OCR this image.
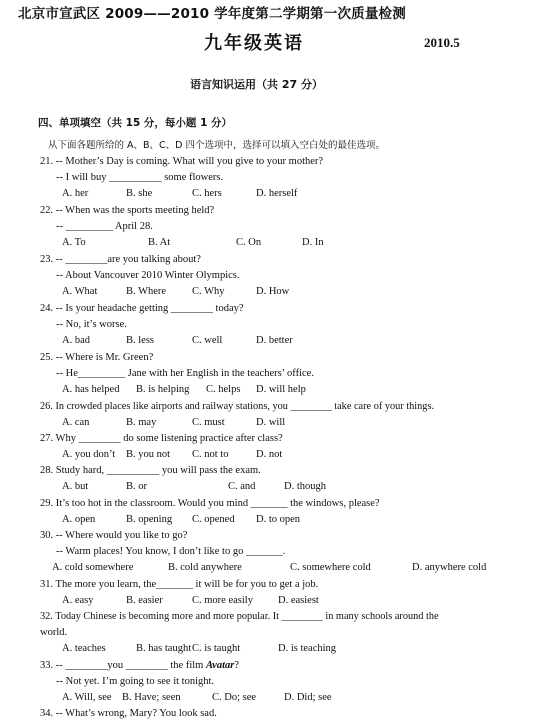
北京市宣武区 2009——2010 学年度第二学期第一次质量检测
九年级英语	2010.5
语言知识运用（共 27 分）
四、单项填空（共 15 分，每小题 1 分）
从下面各题所给的 A、B、C、D 四个选项中，选择可以填入空白处的最佳选项。
21. -- Mother’s Day is coming. What will you give to your mother?
-- I will buy __________ some flowers.
A. her	B. she	C. hers	D. herself
22. -- When was the sports meeting held?
-- _________ April 28.
A. To	B. At	C. On	D. In
23. -- ________are you talking about?
-- About Vancouver 2010 Winter Olympics.
A. What	B. Where C. Why	D. How
24. -- Is your headache getting ________ today?
-- No, it’s worse.
A. bad	B. less	C. well	D. better
25. -- Where is Mr. Green?
-- He_________ Jane with her English in the teachers’ office.
A. has helped B. is helping C. helps D. will help
26. In crowded places like airports and railway stations, you ________ take care of your things.
A. can	B. may	C. must	D. will
27. Why ________ do some listening practice after class?
A. you don’t B. you not C. not to	D. not
28. Study hard, __________ you will pass the exam.
A. but	B. or	C. and	D. though
29. It’s too hot in the classroom. Would you mind _______ the windows, please?
A. open	B. opening C. opened D. to open
30. -- Where would you like to go?
-- Warm places! You know, I don’t like to go _______.
A. cold somewhere	B. cold anywhere	C. somewhere cold	D. anywhere cold
31. The more you learn, the_______ it will be for you to get a job.
A. easy	B. easier	C. more easily D. easiest
32. Today Chinese is becoming more and more popular. It ________ in many schools around the
world.
A. teaches	B. has taught C. is taught	D. is teaching
33. -- ________you ________ the film Avatar?
-- Not yet. I’m going to see it tonight.
A. Will, see B. Have; seen	C. Do; see	D. Did; see
34. -- What’s wrong, Mary? You look sad.
